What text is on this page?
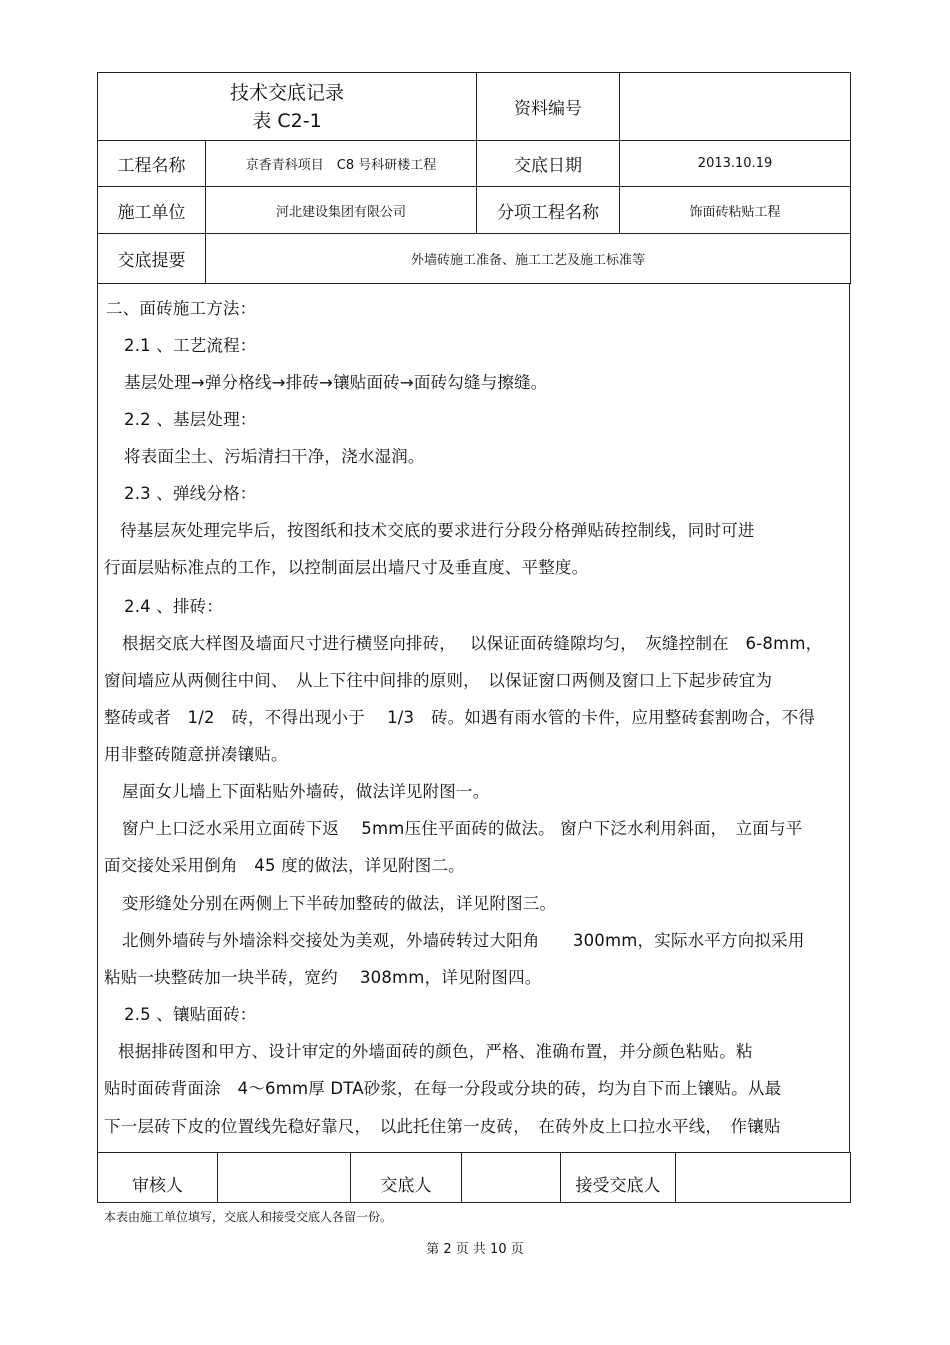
技术交底记录
表 C2-1		资料编号	
工程名称	京香青科项目　C8 号科研楼工程	交底日期	2013.10.19
施工单位	河北建设集团有限公司	分项工程名称	饰面砖粘贴工程
交底提要	外墙砖施工准备、施工工艺及施工标准等		

二、面砖施工方法：

2.1 、工艺流程：

基层处理→弹分格线→排砖→镶贴面砖→面砖勾缝与擦缝。

2.2 、基层处理：

将表面尘土、污垢清扫干净，浇水湿润。

2.3 、弹线分格：

待基层灰处理完毕后，按图纸和技术交底的要求进行分段分格弹贴砖控制线，同时可进

行面层贴标准点的工作，以控制面层出墙尺寸及垂直度、平整度。

2.4 、排砖：

根据交底大样图及墙面尺寸进行横竖向排砖，　 以保证面砖缝隙均匀，　灰缝控制在　6-8mm，

窗间墙应从两侧往中间、　从上下往中间排的原则，　以保证窗口两侧及窗口上下起步砖宜为

整砖或者　1/2　砖，不得出现小于　 1/3　砖。如遇有雨水管的卡件，应用整砖套割吻合，不得

用非整砖随意拼凑镶贴。

屋面女儿墙上下面粘贴外墙砖，做法详见附图一。

窗户上口泛水采用立面砖下返　 5mm压住平面砖的做法。 窗户下泛水利用斜面，　立面与平

面交接处采用倒角　45 度的做法，详见附图二。

变形缝处分别在两侧上下半砖加整砖的做法，详见附图三。

北侧外墙砖与外墙涂料交接处为美观，外墙砖转过大阳角　　300mm，实际水平方向拟采用

粘贴一块整砖加一块半砖，宽约　 308mm，详见附图四。

2.5 、镶贴面砖：

根据排砖图和甲方、设计审定的外墙面砖的颜色，严格、准确布置，并分颜色粘贴。粘

贴时面砖背面涂　4～6mm厚 DTA砂浆，在每一分段或分块的砖，均为自下而上镶贴。从最

下一层砖下皮的位置线先稳好靠尺，　以此托住第一皮砖，　在砖外皮上口拉水平线，　作镶贴

审核人		交底人		接受交底人	
本表由施工单位填写，交底人和接受交底人各留一份。
第 2 页 共 10 页
